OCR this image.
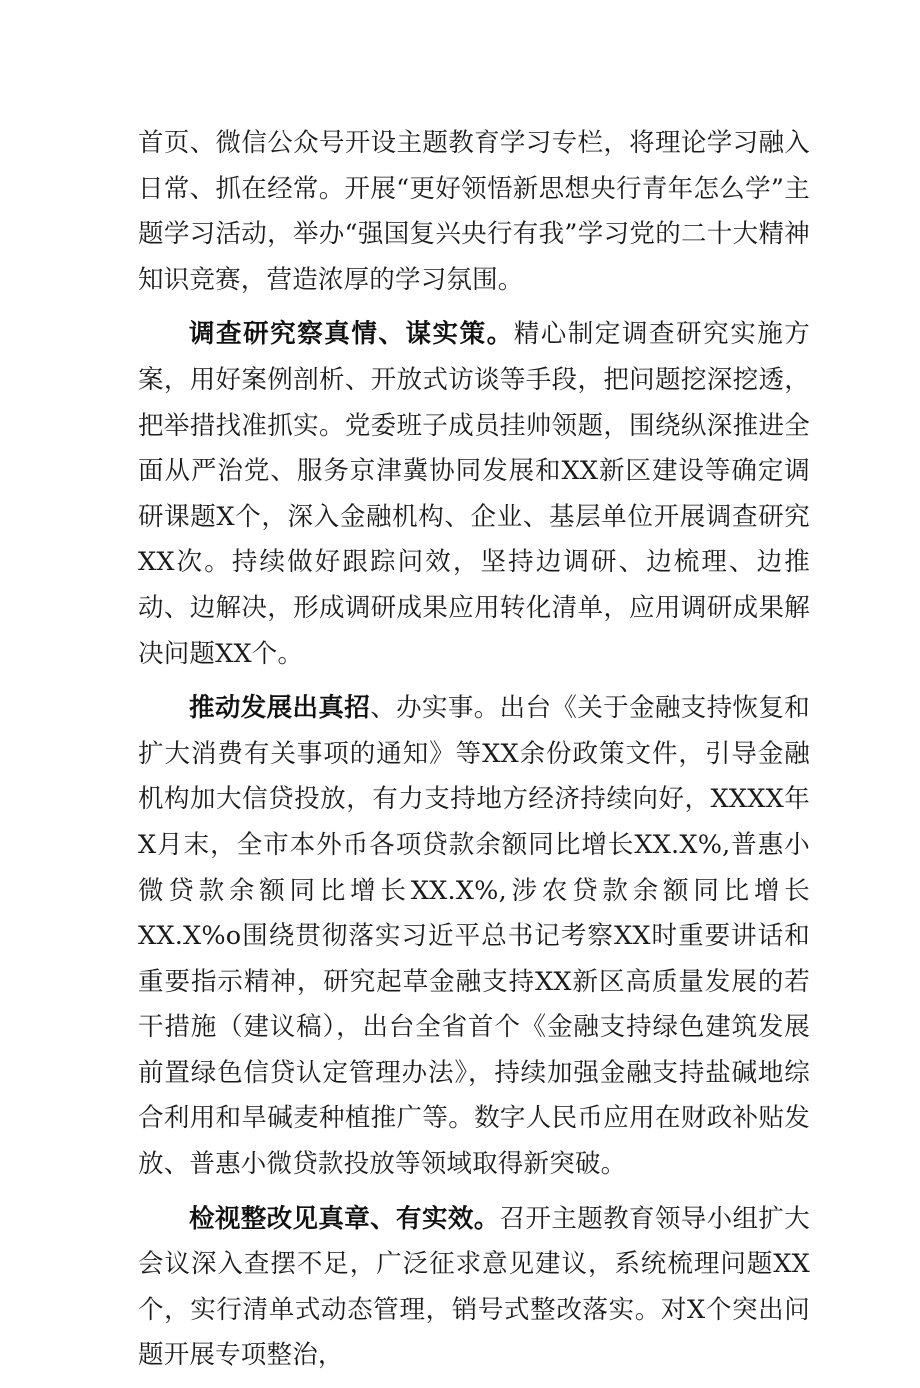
首页、微信公众号开设主题教育学习专栏，将理论学习融入日常、抓在经常。开展“更好领悟新思想央行青年怎么学”主题学习活动，举办“强国复兴央行有我”学习党的二十大精神知识竞赛，营造浓厚的学习氛围。

调查研究察真情、谋实策。精心制定调查研究实施方案，用好案例剖析、开放式访谈等手段，把问题挖深挖透，把举措找准抓实。党委班子成员挂帅领题，围绕纵深推进全面从严治党、服务京津冀协同发展和XX新区建设等确定调研课题X个，深入金融机构、企业、基层单位开展调查研究XX次。持续做好跟踪问效，坚持边调研、边梳理、边推动、边解决，形成调研成果应用转化清单，应用调研成果解决问题XX个。

推动发展出真招、办实事。出台《关于金融支持恢复和扩大消费有关事项的通知》等XX余份政策文件，引导金融机构加大信贷投放，有力支持地方经济持续向好，XXXX年X月末，全市本外币各项贷款余额同比增长XX.X%,普惠小微贷款余额同比增长XX.X%,涉农贷款余额同比增长XX.X%o围绕贯彻落实习近平总书记考察XX时重要讲话和重要指示精神，研究起草金融支持XX新区高质量发展的若干措施（建议稿），出台全省首个《金融支持绿色建筑发展前置绿色信贷认定管理办法》，持续加强金融支持盐碱地综合利用和旱碱麦种植推广等。数字人民币应用在财政补贴发放、普惠小微贷款投放等领域取得新突破。

检视整改见真章、有实效。召开主题教育领导小组扩大会议深入查摆不足，广泛征求意见建议，系统梳理问题XX个，实行清单式动态管理，销号式整改落实。对X个突出问题开展专项整治，
